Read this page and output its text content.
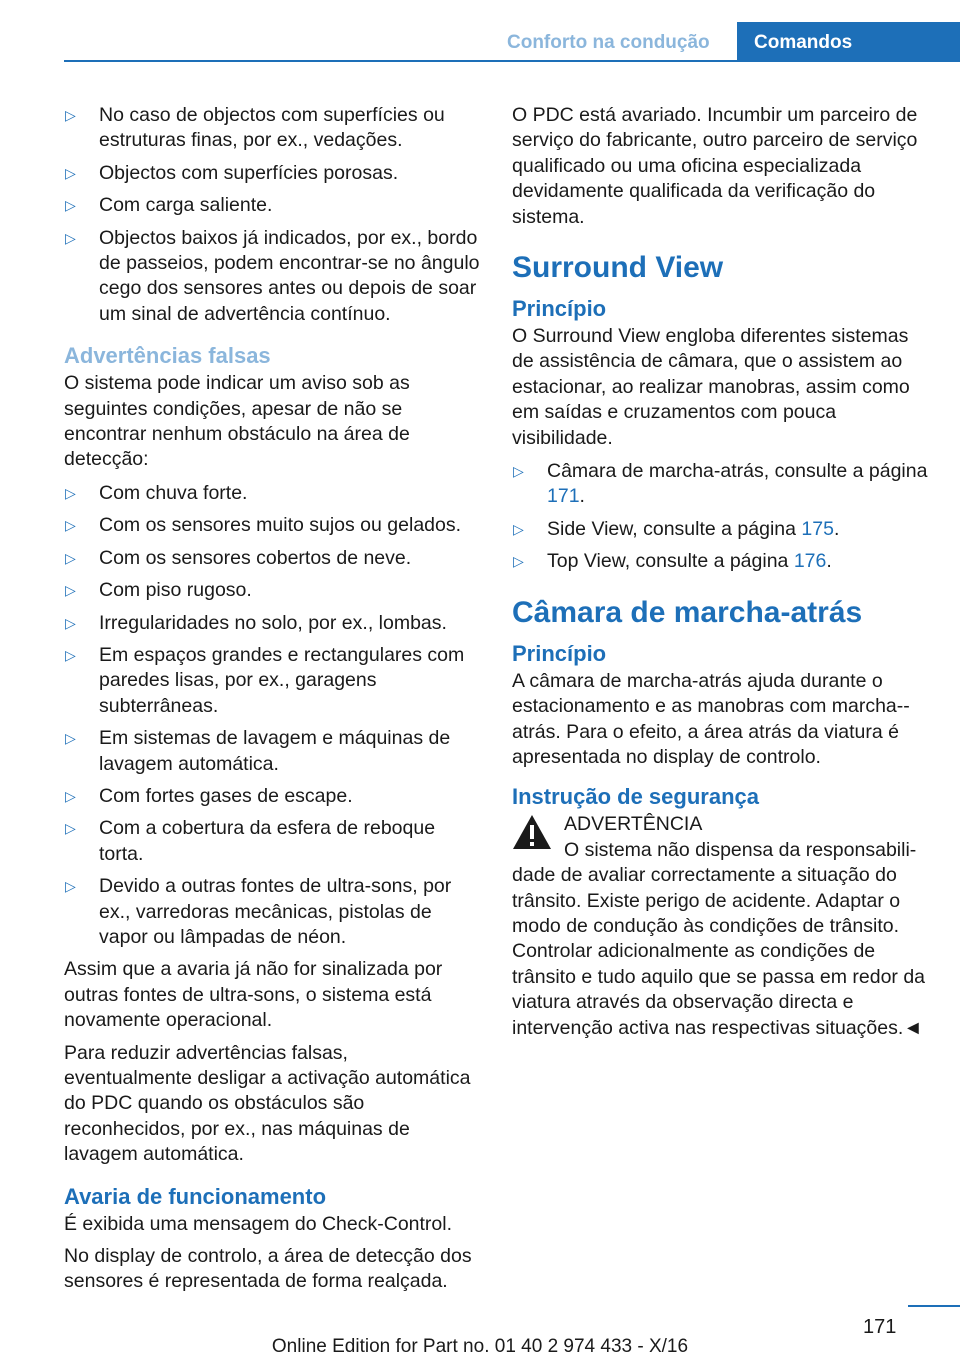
Conforto na condução Comandos
▷ No caso de objectos com superfícies ou estruturas finas, por ex., vedações.
▷ Objectos com superfícies porosas.
▷ Com carga saliente.
▷ Objectos baixos já indicados, por ex., bordo de passeios, podem encontrar-se no ângulo cego dos sensores antes ou depois de soar um sinal de advertência contínuo.
Advertências falsas

O sistema pode indicar um aviso sob as seguintes condições, apesar de não se encontrar nenhum obstáculo na área de detecção:

▷ Com chuva forte.
▷ Com os sensores muito sujos ou gelados.
▷ Com os sensores cobertos de neve.
▷ Com piso rugoso.
▷ Irregularidades no solo, por ex., lombas.
▷ Em espaços grandes e rectangulares com paredes lisas, por ex., garagens subterrâneas.
▷ Em sistemas de lavagem e máquinas de lavagem automática.
▷ Com fortes gases de escape.
▷ Com a cobertura da esfera de reboque torta.
▷ Devido a outras fontes de ultra-sons, por ex., varredoras mecânicas, pistolas de vapor ou lâmpadas de néon.

Assim que a avaria já não for sinalizada por outras fontes de ultra-sons, o sistema está novamente operacional.

Para reduzir advertências falsas, eventualmente desligar a activação automática do PDC quando os obstáculos são reconhecidos, por ex., nas máquinas de lavagem automática.

Avaria de funcionamento

É exibida uma mensagem do Check-Control.

No display de controlo, a área de detecção dos sensores é representada de forma realçada.

O PDC está avariado. Incumbir um parceiro de serviço do fabricante, outro parceiro de serviço qualificado ou uma oficina especializada devidamente qualificada da verificação do sistema.

Surround View
Princípio

O Surround View engloba diferentes sistemas de assistência de câmara, que o assistem ao estacionar, ao realizar manobras, assim como em saídas e cruzamentos com pouca visibilidade.

▷ Câmara de marcha-atrás, consulte a página 171.
▷ Side View, consulte a página 175.
▷ Top View, consulte a página 176.
Câmara de marcha-atrás
Princípio

A câmara de marcha-atrás ajuda durante o estacionamento e as manobras com marcha--atrás. Para o efeito, a área atrás da viatura é apresentada no display de controlo.

Instrução de segurança
ADVERTÊNCIA
O sistema não dispensa da responsabili-
dade de avaliar correctamente a situação do trânsito. Existe perigo de acidente. Adaptar o modo de condução às condições de trânsito. Controlar adicionalmente as condições de trânsito e tudo aquilo que se passa em redor da viatura através da observação directa e intervenção activa nas respectivas situações.◄
171
Online Edition for Part no. 01 40 2 974 433 - X/16
